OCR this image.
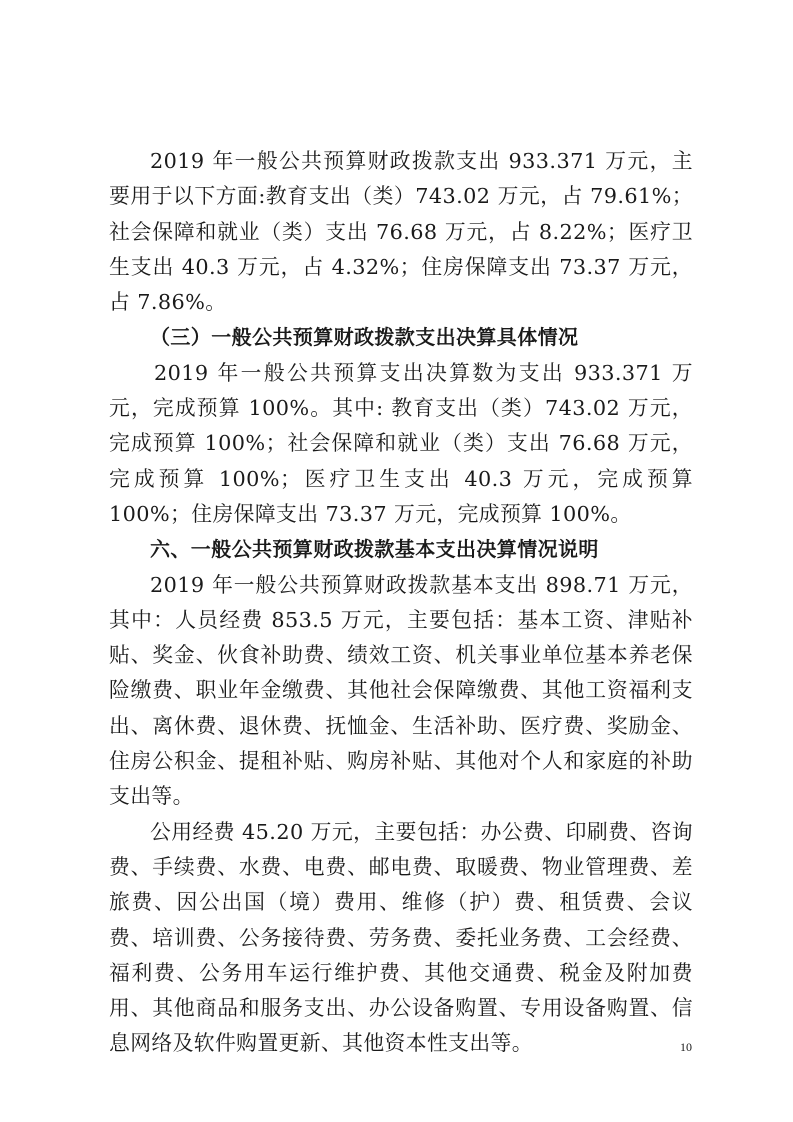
2019 年一般公共预算财政拨款支出 933.371 万元，主要用于以下方面:教育支出（类）743.02 万元，占 79.61%；社会保障和就业（类）支出 76.68 万元，占 8.22%；医疗卫生支出 40.3 万元，占 4.32%；住房保障支出 73.37 万元，占 7.86%。

（三）一般公共预算财政拨款支出决算具体情况

2019 年一般公共预算支出决算数为支出 933.371 万元，完成预算 100%。其中: 教育支出（类）743.02 万元，完成预算 100%；社会保障和就业（类）支出 76.68 万元，完成预算 100%；医疗卫生支出 40.3 万元，完成预算 100%；住房保障支出 73.37 万元，完成预算 100%。

六、一般公共预算财政拨款基本支出决算情况说明

2019 年一般公共预算财政拨款基本支出 898.71 万元，其中：人员经费 853.5 万元，主要包括：基本工资、津贴补贴、奖金、伙食补助费、绩效工资、机关事业单位基本养老保险缴费、职业年金缴费、其他社会保障缴费、其他工资福利支出、离休费、退休费、抚恤金、生活补助、医疗费、奖励金、住房公积金、提租补贴、购房补贴、其他对个人和家庭的补助支出等。

公用经费 45.20 万元，主要包括：办公费、印刷费、咨询费、手续费、水费、电费、邮电费、取暖费、物业管理费、差旅费、因公出国（境）费用、维修（护）费、租赁费、会议费、培训费、公务接待费、劳务费、委托业务费、工会经费、福利费、公务用车运行维护费、其他交通费、税金及附加费用、其他商品和服务支出、办公设备购置、专用设备购置、信息网络及软件购置更新、其他资本性支出等。	10
